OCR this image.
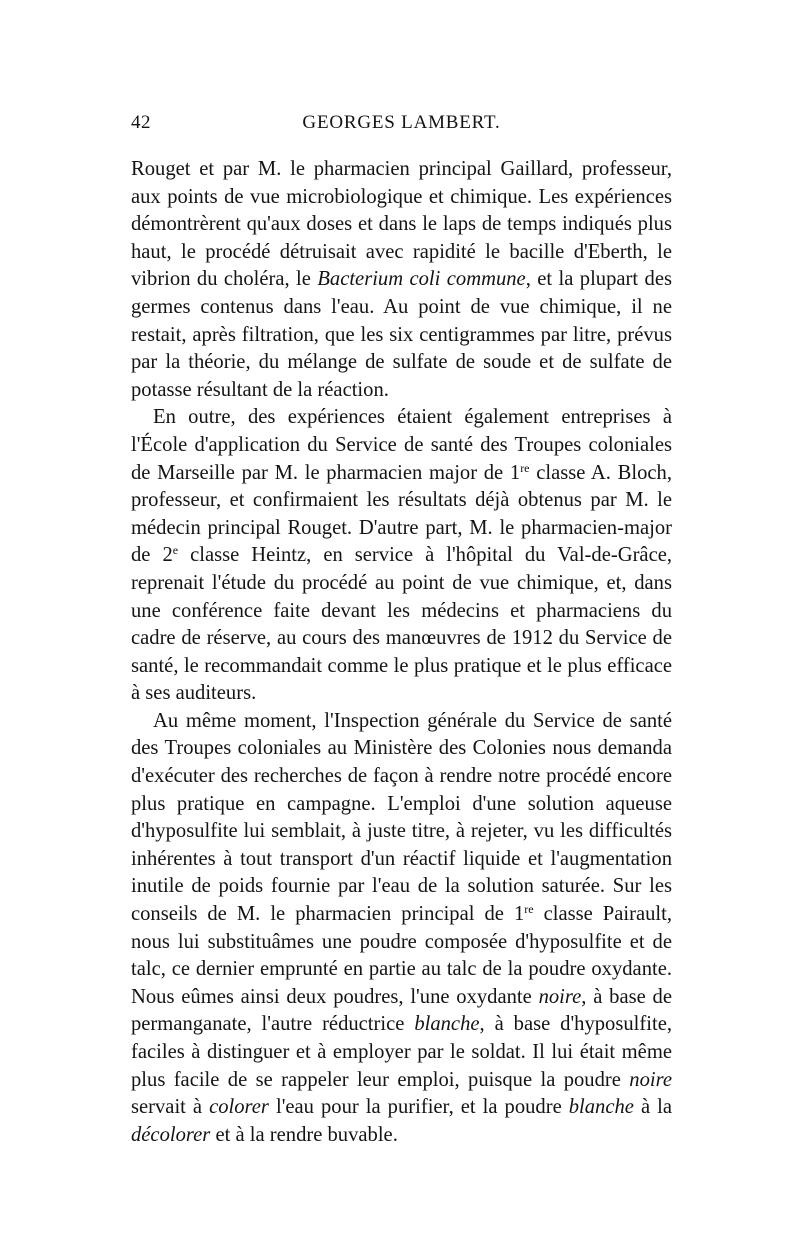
42	GEORGES LAMBERT.

Rouget et par M. le pharmacien principal Gaillard, professeur, aux points de vue microbiologique et chimique. Les expériences démontrèrent qu'aux doses et dans le laps de temps indiqués plus haut, le procédé détruisait avec rapidité le bacille d'Eberth, le vibrion du choléra, le Bacterium coli commune, et la plupart des germes contenus dans l'eau. Au point de vue chimique, il ne restait, après filtration, que les six centigrammes par litre, prévus par la théorie, du mélange de sulfate de soude et de sulfate de potasse résultant de la réaction.

En outre, des expériences étaient également entreprises à l'École d'application du Service de santé des Troupes coloniales de Marseille par M. le pharmacien major de 1re classe A. Bloch, professeur, et confirmaient les résultats déjà obtenus par M. le médecin principal Rouget. D'autre part, M. le pharmacien-major de 2e classe Heintz, en service à l'hôpital du Val-de-Grâce, reprenait l'étude du procédé au point de vue chimique, et, dans une conférence faite devant les médecins et pharmaciens du cadre de réserve, au cours des manœuvres de 1912 du Service de santé, le recommandait comme le plus pratique et le plus efficace à ses auditeurs.

Au même moment, l'Inspection générale du Service de santé des Troupes coloniales au Ministère des Colonies nous demanda d'exécuter des recherches de façon à rendre notre procédé encore plus pratique en campagne. L'emploi d'une solution aqueuse d'hyposulfite lui semblait, à juste titre, à rejeter, vu les difficultés inhérentes à tout transport d'un réactif liquide et l'augmentation inutile de poids fournie par l'eau de la solution saturée. Sur les conseils de M. le pharmacien principal de 1re classe Pairault, nous lui substituâmes une poudre composée d'hyposulfite et de talc, ce dernier emprunté en partie au talc de la poudre oxydante. Nous eûmes ainsi deux poudres, l'une oxydante noire, à base de permanganate, l'autre réductrice blanche, à base d'hyposulfite, faciles à distinguer et à employer par le soldat. Il lui était même plus facile de se rappeler leur emploi, puisque la poudre noire servait à colorer l'eau pour la purifier, et la poudre blanche à la décolorer et à la rendre buvable.
